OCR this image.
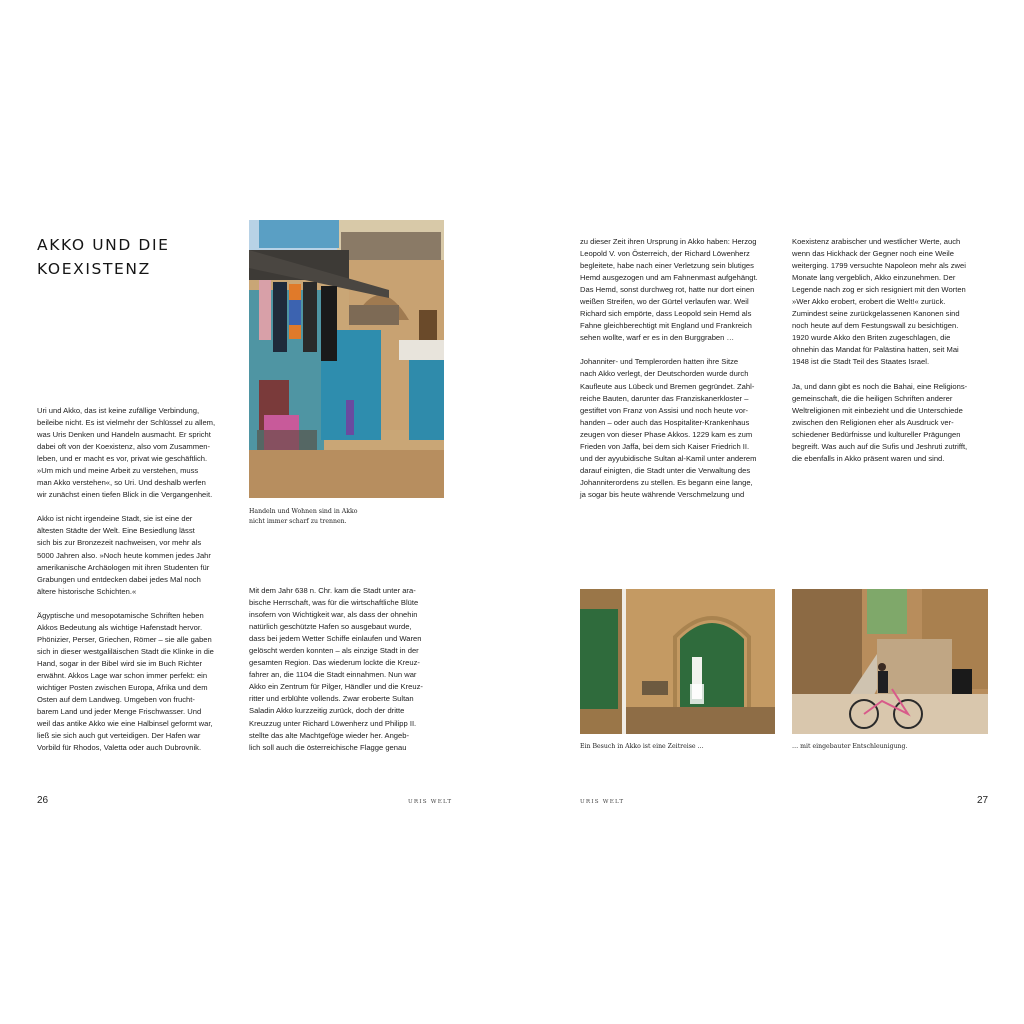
AKKO UND DIE
KOEXISTENZ

Uri und Akko, das ist keine zufällige Verbindung,
beileibe nicht. Es ist vielmehr der Schlüssel zu allem,
was Uris Denken und Handeln ausmacht. Er spricht
dabei oft von der Koexistenz, also vom Zusammen-
leben, und er macht es vor, privat wie geschäftlich.
»Um mich und meine Arbeit zu verstehen, muss
man Akko verstehen«, so Uri. Und deshalb werfen
wir zunächst einen tiefen Blick in die Vergangenheit.

Akko ist nicht irgendeine Stadt, sie ist eine der
ältesten Städte der Welt. Eine Besiedlung lässt
sich bis zur Bronzezeit nachweisen, vor mehr als
5000 Jahren also. »Noch heute kommen jedes Jahr
amerikanische Archäologen mit ihren Studenten für
Grabungen und entdecken dabei jedes Mal noch
ältere historische Schichten.«

Ägyptische und mesopotamische Schriften heben
Akkos Bedeutung als wichtige Hafenstadt hervor.
Phönizier, Perser, Griechen, Römer – sie alle gaben
sich in dieser westgaliläischen Stadt die Klinke in die
Hand, sogar in der Bibel wird sie im Buch Richter
erwähnt. Akkos Lage war schon immer perfekt: ein
wichtiger Posten zwischen Europa, Afrika und dem
Osten auf dem Landweg. Umgeben von frucht-
barem Land und jeder Menge Frischwasser. Und
weil das antike Akko wie eine Halbinsel geformt war,
ließ sie sich auch gut verteidigen. Der Hafen war
Vorbild für Rhodos, Valetta oder auch Dubrovnik.

Mit dem Jahr 638 n. Chr. kam die Stadt unter ara-
bische Herrschaft, was für die wirtschaftliche Blüte
insofern von Wichtigkeit war, als dass der ohnehin
natürlich geschützte Hafen so ausgebaut wurde,
dass bei jedem Wetter Schiffe einlaufen und Waren
gelöscht werden konnten – als einzige Stadt in der
gesamten Region. Das wiederum lockte die Kreuz-
fahrer an, die 1104 die Stadt einnahmen. Nun war
Akko ein Zentrum für Pilger, Händler und die Kreuz-
ritter und erblühte vollends. Zwar eroberte Sultan
Saladin Akko kurzzeitig zurück, doch der dritte
Kreuzzug unter Richard Löwenherz und Philipp II.
stellte das alte Machtgefüge wieder her. Angeb-
lich soll auch die österreichische Flagge genau

zu dieser Zeit ihren Ursprung in Akko haben: Herzog
Leopold V. von Österreich, der Richard Löwenherz
begleitete, habe nach einer Verletzung sein blutiges
Hemd ausgezogen und am Fahnenmast aufgehängt.
Das Hemd, sonst durchweg rot, hatte nur dort einen
weißen Streifen, wo der Gürtel verlaufen war. Weil
Richard sich empörte, dass Leopold sein Hemd als
Fahne gleichberechtigt mit England und Frankreich
sehen wollte, warf er es in den Burggraben …

Johanniter- und Templerorden hatten ihre Sitze
nach Akko verlegt, der Deutschorden wurde durch
Kaufleute aus Lübeck und Bremen gegründet. Zahl-
reiche Bauten, darunter das Franziskanerkloster –
gestiftet von Franz von Assisi und noch heute vor-
handen – oder auch das Hospitaliter-Krankenhaus
zeugen von dieser Phase Akkos. 1229 kam es zum
Frieden von Jaffa, bei dem sich Kaiser Friedrich II.
und der ayyubidische Sultan al-Kamil unter anderem
darauf einigten, die Stadt unter die Verwaltung des
Johanniterordens zu stellen. Es begann eine lange,
ja sogar bis heute währende Verschmelzung und

Koexistenz arabischer und westlicher Werte, auch
wenn das Hickhack der Gegner noch eine Weile
weiterging. 1799 versuchte Napoleon mehr als zwei
Monate lang vergeblich, Akko einzunehmen. Der
Legende nach zog er sich resigniert mit den Worten
»Wer Akko erobert, erobert die Welt!« zurück.
Zumindest seine zurückgelassenen Kanonen sind
noch heute auf dem Festungswall zu besichtigen.
1920 wurde Akko den Briten zugeschlagen, die
ohnehin das Mandat für Palästina hatten, seit Mai
1948 ist die Stadt Teil des Staates Israel.

Ja, und dann gibt es noch die Bahai, eine Religions-
gemeinschaft, die die heiligen Schriften anderer
Weltreligionen mit einbezieht und die Unterschiede
zwischen den Religionen eher als Ausdruck ver-
schiedener Bedürfnisse und kultureller Prägungen
begreift. Was auch auf die Sufis und Jeshruti zutrifft,
die ebenfalls in Akko präsent waren und sind.

Handeln und Wohnen sind in Akko
nicht immer scharf zu trennen.
Ein Besuch in Akko ist eine Zeitreise …	… mit eingebauter Entschleunigung.
26	URIS WELT	URIS WELT	27
